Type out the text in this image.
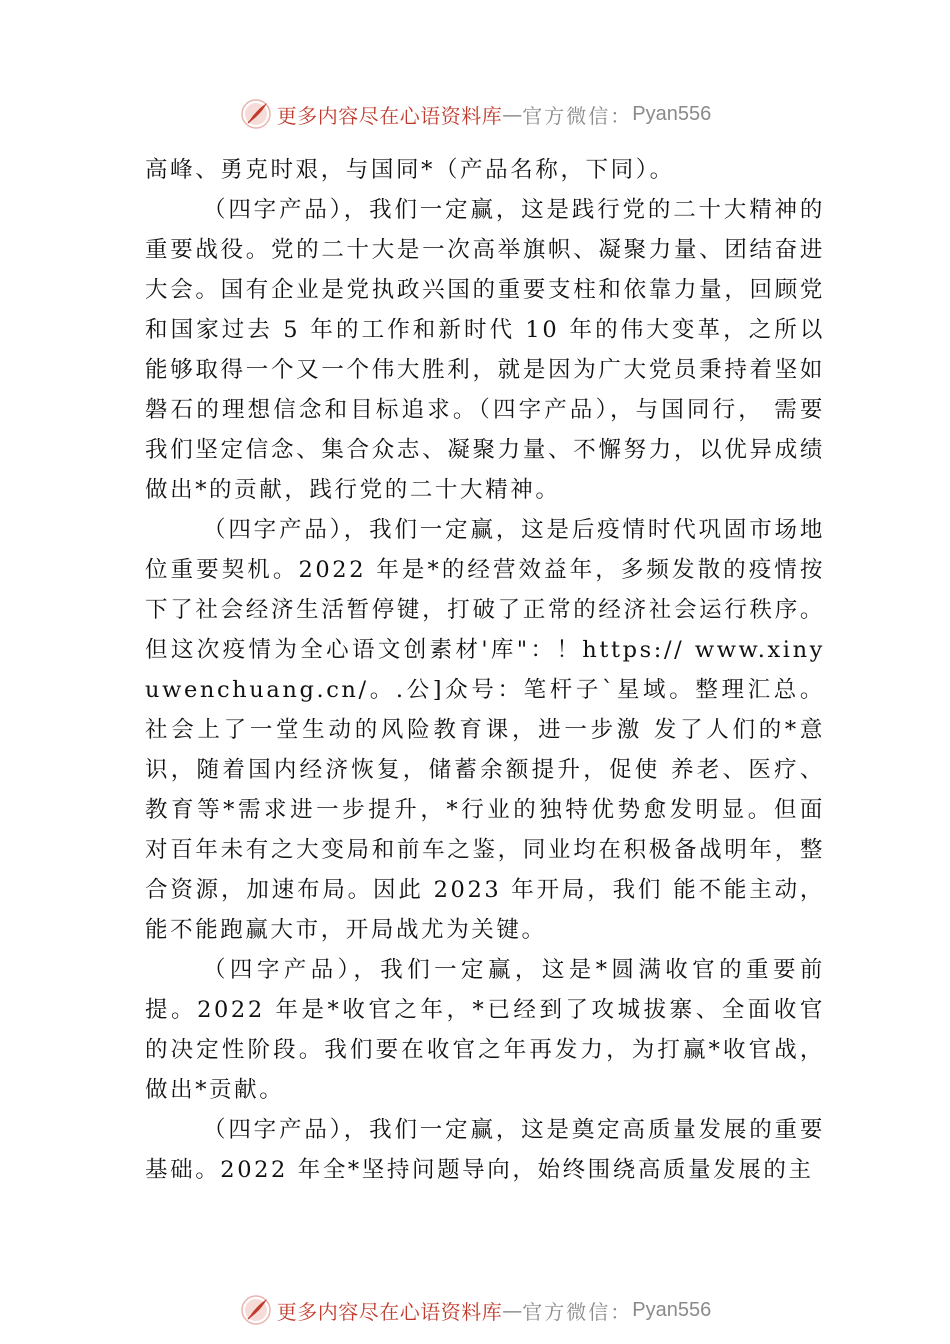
更多内容尽在心语资料库 — 官方微信： Pyan556

高峰、勇克时艰，与国同*（产品名称，下同）。

（四字产品），我们一定赢，这是践行党的二十大精神的重要战役。党的二十大是一次高举旗帜、凝聚力量、团结奋进大会。国有企业是党执政兴国的重要支柱和依靠力量，回顾党和国家过去 5 年的工作和新时代 10 年的伟大变革，之所以能够取得一个又一个伟大胜利，就是因为广大党员秉持着坚如磐石的理想信念和目标追求。（四字产品），与国同行， 需要我们坚定信念、集合众志、凝聚力量、不懈努力，以优异成绩做出*的贡献，践行党的二十大精神。

（四字产品），我们一定赢，这是后疫情时代巩固市场地位重要契机。2022 年是*的经营效益年，多频发散的疫情按下了社会经济生活暂停键，打破了正常的经济社会运行秩序。但这次疫情为全心语文创素材'库"：！https:// www.xinyuwenchuang.cn/。.公]众号：笔杆子`星域。整理汇总。社会上了一堂生动的风险教育课，进一步激 发了人们的*意识，随着国内经济恢复，储蓄余额提升，促使 养老、医疗、教育等*需求进一步提升，*行业的独特优势愈发明显。但面对百年未有之大变局和前车之鉴，同业均在积极备战明年，整合资源，加速布局。因此 2023 年开局，我们 能不能主动，能不能跑赢大市，开局战尤为关键。

（四字产品），我们一定赢，这是*圆满收官的重要前提。2022 年是*收官之年，*已经到了攻城拔寨、全面收官的决定性阶段。我们要在收官之年再发力，为打赢*收官战，做出*贡献。

（四字产品），我们一定赢，这是奠定高质量发展的重要基础。2022 年全*坚持问题导向，始终围绕高质量发展的主

更多内容尽在心语资料库 — 官方微信： Pyan556
